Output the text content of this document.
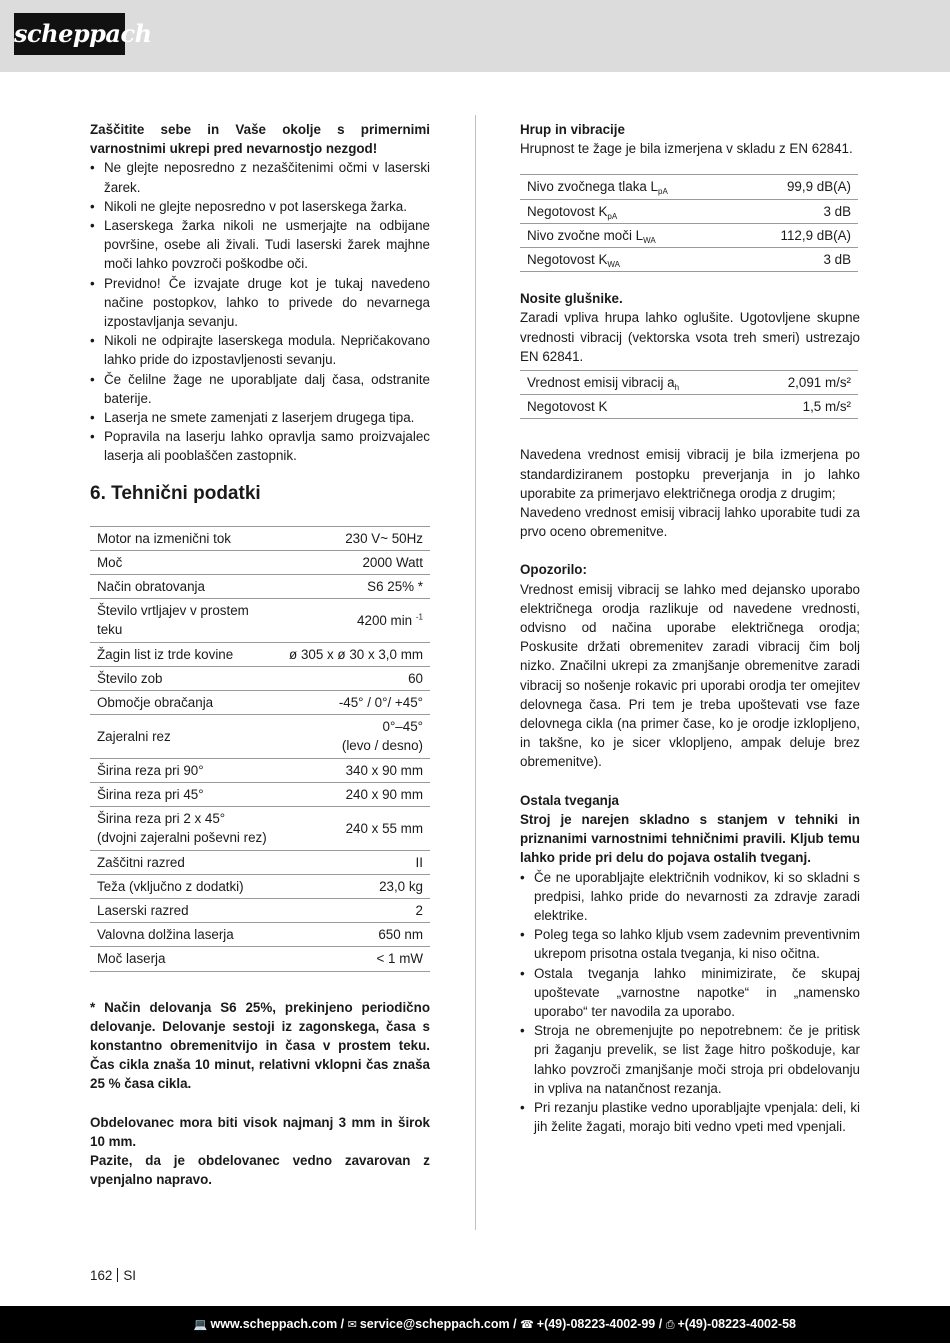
scheppach

Zaščitite sebe in Vaše okolje s primernimi varnostnimi ukrepi pred nevarnostjo nezgod!

• Ne glejte neposredno z nezaščitenimi očmi v laserski žarek.
• Nikoli ne glejte neposredno v pot laserskega žarka.
• Laserskega žarka nikoli ne usmerjajte na odbijane površine, osebe ali živali. Tudi laserski žarek majhne moči lahko povzroči poškodbe oči.
• Previdno! Če izvajate druge kot je tukaj navedeno načine postopkov, lahko to privede do nevarnega izpostavljanja sevanju.
• Nikoli ne odpirajte laserskega modula. Nepričakovano lahko pride do izpostavljenosti sevanju.
• Če čelilne žage ne uporabljate dalj časa, odstranite baterije.
• Laserja ne smete zamenjati z laserjem drugega tipa.
• Popravila na laserju lahko opravlja samo proizvajalec laserja ali pooblaščen zastopnik.
6. Tehnični podatki
Motor na izmenični tok	230 V~ 50Hz
Moč	2000 Watt
Način obratovanja	S6 25% *
Število vrtljajev v prostem teku	4200 min $^{-1}$
Žagin list iz trde kovine	ø 305 x ø 30 x 3,0 mm
Število zob	60
Območje obračanja	-45° / 0°/ +45°
Zajeralni rez	0°–45°
(levo / desno)

Širina reza pri 90°	340 x 90 mm
Širina reza pri 45°	240 x 90 mm
Širina reza pri 2 x 45° (dvojni zajeralni poševni rez)	240 x 55 mm
Zaščitni razred	II
Teža (vključno z dodatki)	23,0 kg
Laserski razred	2
Valovna dolžina laserja	650 nm
Moč laserja	< 1 mW

* Način delovanja S6 25%, prekinjeno periodično delovanje. Delovanje sestoji iz zagonskega, časa s konstantno obremenitvijo in časa v prostem teku. Čas cikla znaša 10 minut, relativni vklopni čas znaša 25 % časa cikla.

Obdelovanec mora biti visok najmanj 3 mm in širok 10 mm.

Pazite, da je obdelovanec vedno zavarovan z vpenjalno napravo.

Hrup in vibracije

Hrupnost te žage je bila izmerjena v skladu z EN 62841.

Nivo zvočnega tlaka $L_{pA}$	99,9 dB(A)
Negotovost $K_{pA}$	3 dB
Nivo zvočne moči $L_{WA}$	112,9 dB(A)
Negotovost $K_{WA}$	3 dB

Nosite glušnike.

Zaradi vpliva hrupa lahko oglušite. Ugotovljene skupne vrednosti vibracij (vektorska vsota treh smeri) ustrezajo EN 62841.

Vrednost emisij vibracij $a_h$	2,091 m/s²
Negotovost K	1,5 m/s²

Navedena vrednost emisij vibracij je bila izmerjena po standardiziranem postopku preverjanja in jo lahko uporabite za primerjavo električnega orodja z drugim;

Navedeno vrednost emisij vibracij lahko uporabite tudi za prvo oceno obremenitve.

Opozorilo:

Vrednost emisij vibracij se lahko med dejansko uporabo električnega orodja razlikuje od navedene vrednosti, odvisno od načina uporabe električnega orodja; Poskusite držati obremenitev zaradi vibracij čim bolj nizko. Značilni ukrepi za zmanjšanje obremenitve zaradi vibracij so nošenje rokavic pri uporabi orodja ter omejitev delovnega časa. Pri tem je treba upoštevati vse faze delovnega cikla (na primer čase, ko je orodje izklopljeno, in takšne, ko je sicer vklopljeno, ampak deluje brez obremenitve).

Ostala tveganja

Stroj je narejen skladno s stanjem v tehniki in priznanimi varnostnimi tehničnimi pravili. Kljub temu lahko pride pri delu do pojava ostalih tveganj.

• Če ne uporabljajte električnih vodnikov, ki so skladni s predpisi, lahko pride do nevarnosti za zdravje zaradi elektrike.
• Poleg tega so lahko kljub vsem zadevnim preventivnim ukrepom prisotna ostala tveganja, ki niso očitna.
• Ostala tveganja lahko minimizirate, če skupaj upoštevate „varnostne napotke“ in „namensko uporabo“ ter navodila za uporabo.
• Stroja ne obremenjujte po nepotrebnem: če je pritisk pri žaganju prevelik, se list žage hitro poškoduje, kar lahko povzroči zmanjšanje moči stroja pri obdelovanju in vpliva na natančnost rezanja.
• Pri rezanju plastike vedno uporabljajte vpenjala: deli, ki jih želite žagati, morajo biti vedno vpeti med vpenjali.
162 SI
💻 www.scheppach.com / ✉ service@scheppach.com / ☎ +(49)-08223-4002-99 / ⎙ +(49)-08223-4002-58
